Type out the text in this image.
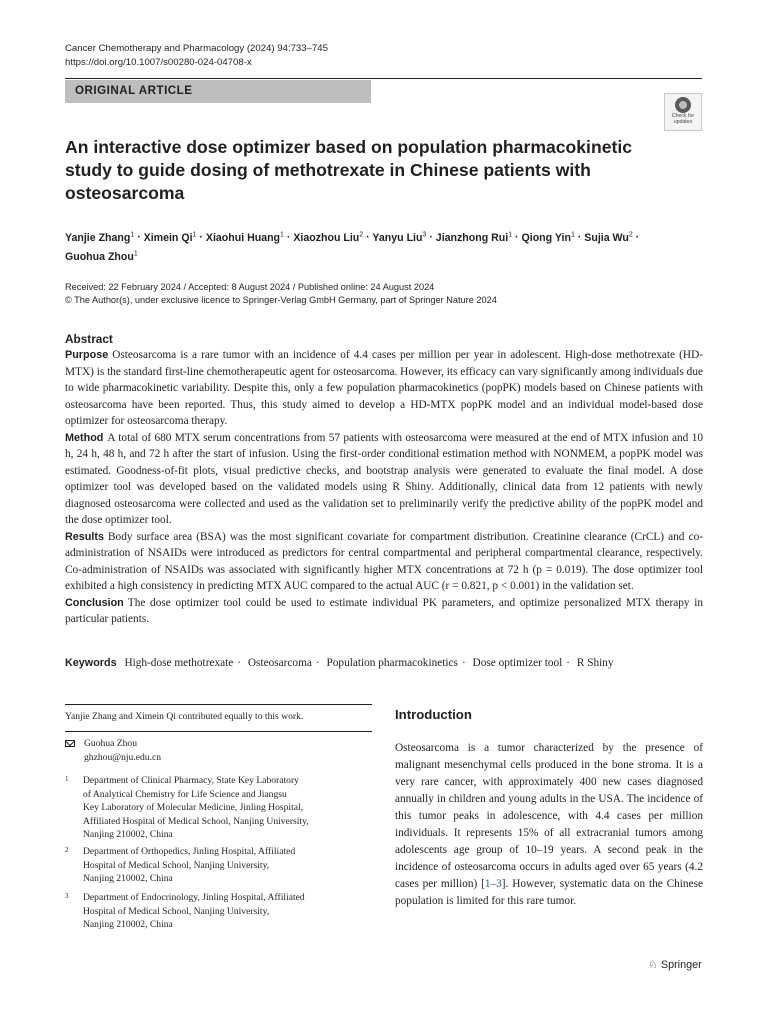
Cancer Chemotherapy and Pharmacology (2024) 94:733–745
https://doi.org/10.1007/s00280-024-04708-x
ORIGINAL ARTICLE
Check for
updates
An interactive dose optimizer based on population pharmacokinetic study to guide dosing of methotrexate in Chinese patients with osteosarcoma
Yanjie Zhang$^1$ · Ximein $Qi^1$ · Xiaohui Huang$^1$ · Xiaozhou Liu$^2$ · Yanyu Liu$^3$ · Jianzhong Rui$^1$ · Qiong Yin$^1$ · Sujia $Wu^2$ ·
Guohua Zhou$^1$
Received: 22 February 2024 / Accepted: 8 August 2024 / Published online: 24 August 2024
© The Author(s), under exclusive licence to Springer-Verlag GmbH Germany, part of Springer Nature 2024
Abstract

Purpose Osteosarcoma is a rare tumor with an incidence of 4.4 cases per million per year in adolescent. High-dose methotrexate (HD-MTX) is the standard first-line chemotherapeutic agent for osteosarcoma. However, its efficacy can vary significantly among individuals due to wide pharmacokinetic variability. Despite this, only a few population pharmacokinetics (popPK) models based on Chinese patients with osteosarcoma have been reported. Thus, this study aimed to develop a HD-MTX popPK model and an individual model-based dose optimizer for osteosarcoma therapy.

Method A total of 680 MTX serum concentrations from 57 patients with osteosarcoma were measured at the end of MTX infusion and 10 h, 24 h, 48 h, and 72 h after the start of infusion. Using the first-order conditional estimation method with NONMEM, a popPK model was estimated. Goodness-of-fit plots, visual predictive checks, and bootstrap analysis were generated to evaluate the final model. A dose optimizer tool was developed based on the validated models using R Shiny. Additionally, clinical data from 12 patients with newly diagnosed osteosarcoma were collected and used as the validation set to preliminarily verify the predictive ability of the popPK model and the dose optimizer tool.

Results Body surface area (BSA) was the most significant covariate for compartment distribution. Creatinine clearance (CrCL) and co-administration of NSAIDs were introduced as predictors for central compartmental and peripheral compartmental clearance, respectively. Co-administration of NSAIDs was associated with significantly higher MTX concentrations at 72 h (p = 0.019). The dose optimizer tool exhibited a high consistency in predicting MTX AUC compared to the actual AUC (r = 0.821, p < 0.001) in the validation set.

Conclusion The dose optimizer tool could be used to estimate individual PK parameters, and optimize personalized MTX therapy in particular patients.

Keywords High-dose methotrexate · Osteosarcoma · Population pharmacokinetics · Dose optimizer tool · R Shiny
Yanjie Zhang and Ximein Qi contributed equally to this work.
Guohua Zhou
ghzhou@nju.edu.cn
1 Department of Clinical Pharmacy, State Key Laboratory
of Analytical Chemistry for Life Science and Jiangsu
Key Laboratory of Molecular Medicine, Jinling Hospital,
Affiliated Hospital of Medical School, Nanjing University,
Nanjing 210002, China
2 Department of Orthopedics, Jinling Hospital, Affiliated
Hospital of Medical School, Nanjing University,
Nanjing 210002, China
3 Department of Endocrinology, Jinling Hospital, Affiliated
Hospital of Medical School, Nanjing University,
Nanjing 210002, China
Introduction
Osteosarcoma is a tumor characterized by the presence of malignant mesenchymal cells produced in the bone stroma. It is a very rare cancer, with approximately 400 new cases diagnosed annually in children and young adults in the USA. The incidence of this tumor peaks in adolescence, with 4.4 cases per million individuals. It represents 15% of all extracranial tumors among adolescents age group of 10–19 years. A second peak in the incidence of osteosarcoma occurs in adults aged over 65 years (4.2 cases per million) [1–3]. However, systematic data on the Chinese population is limited for this rare tumor.
♘ Springer
